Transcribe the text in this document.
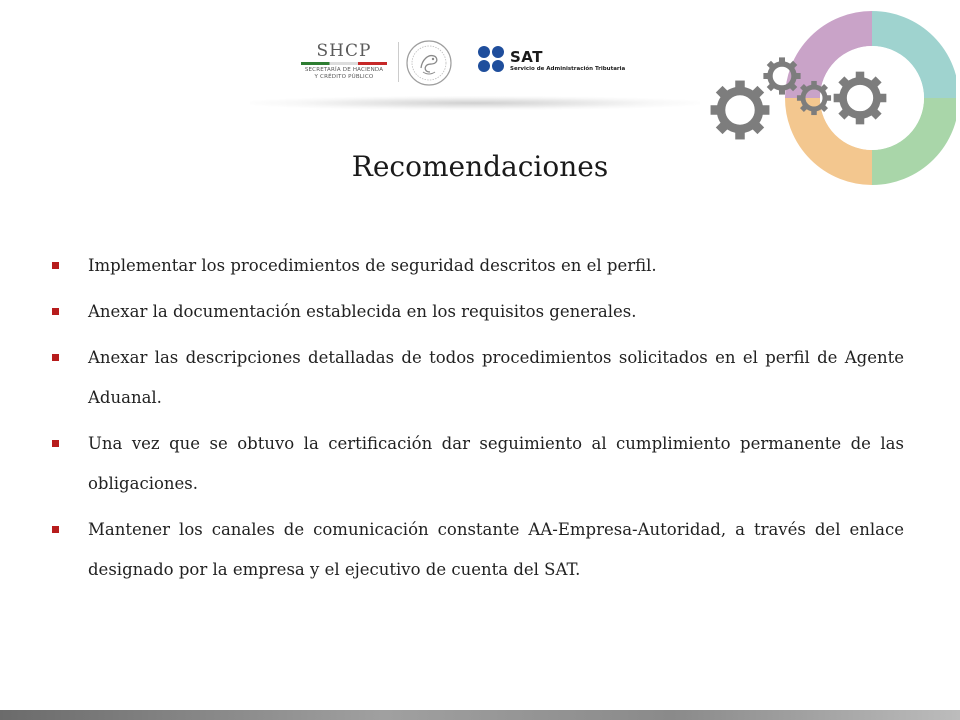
SHCP
SECRETARÍA DE HACIENDA
Y CRÉDITO PÚBLICO
SAT
Servicio de Administración Tributaria
Recomendaciones
Implementar los procedimientos de seguridad descritos en el perfil.
Anexar la documentación establecida en los requisitos generales.
Anexar las descripciones detalladas de todos procedimientos solicitados en el perfil de Agente Aduanal.
Una vez que se obtuvo la certificación dar seguimiento al cumplimiento permanente de las obligaciones.
Mantener los canales de comunicación constante AA-Empresa-Autoridad, a través del enlace designado por la empresa y el ejecutivo de cuenta del SAT.
